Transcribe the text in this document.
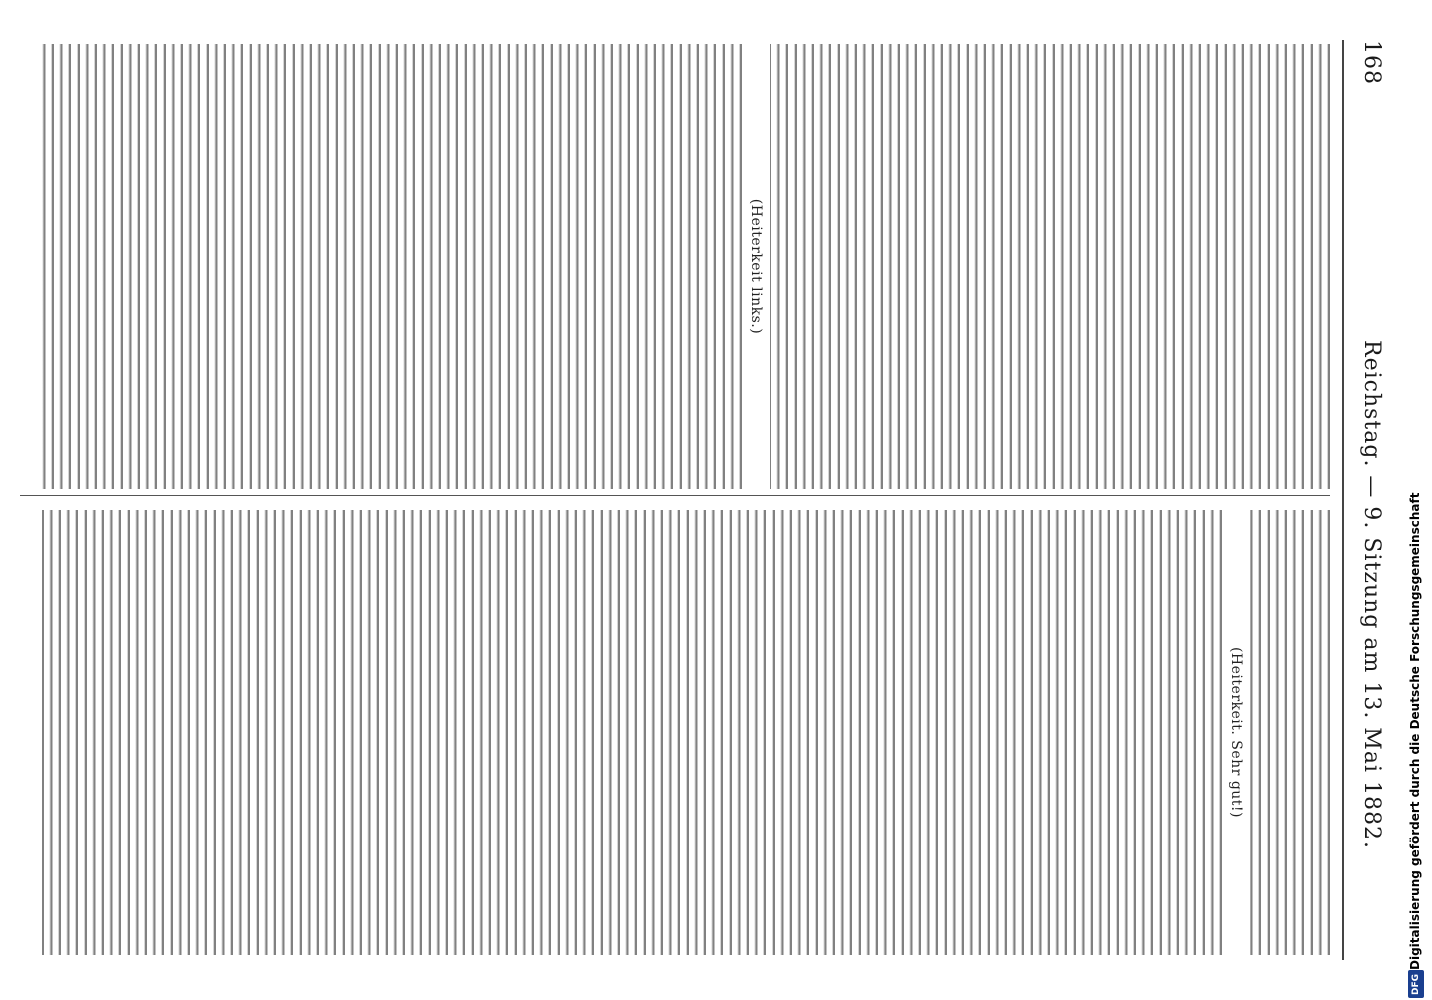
168
Reichstag. — 9. Sitzung am 13. Mai 1882.
(Heiterkeit links.)
(Heiterkeit. Sehr gut!)	Digitalisierung gefördert durch die Deutsche Forschungsgemeinschaft
DFG
